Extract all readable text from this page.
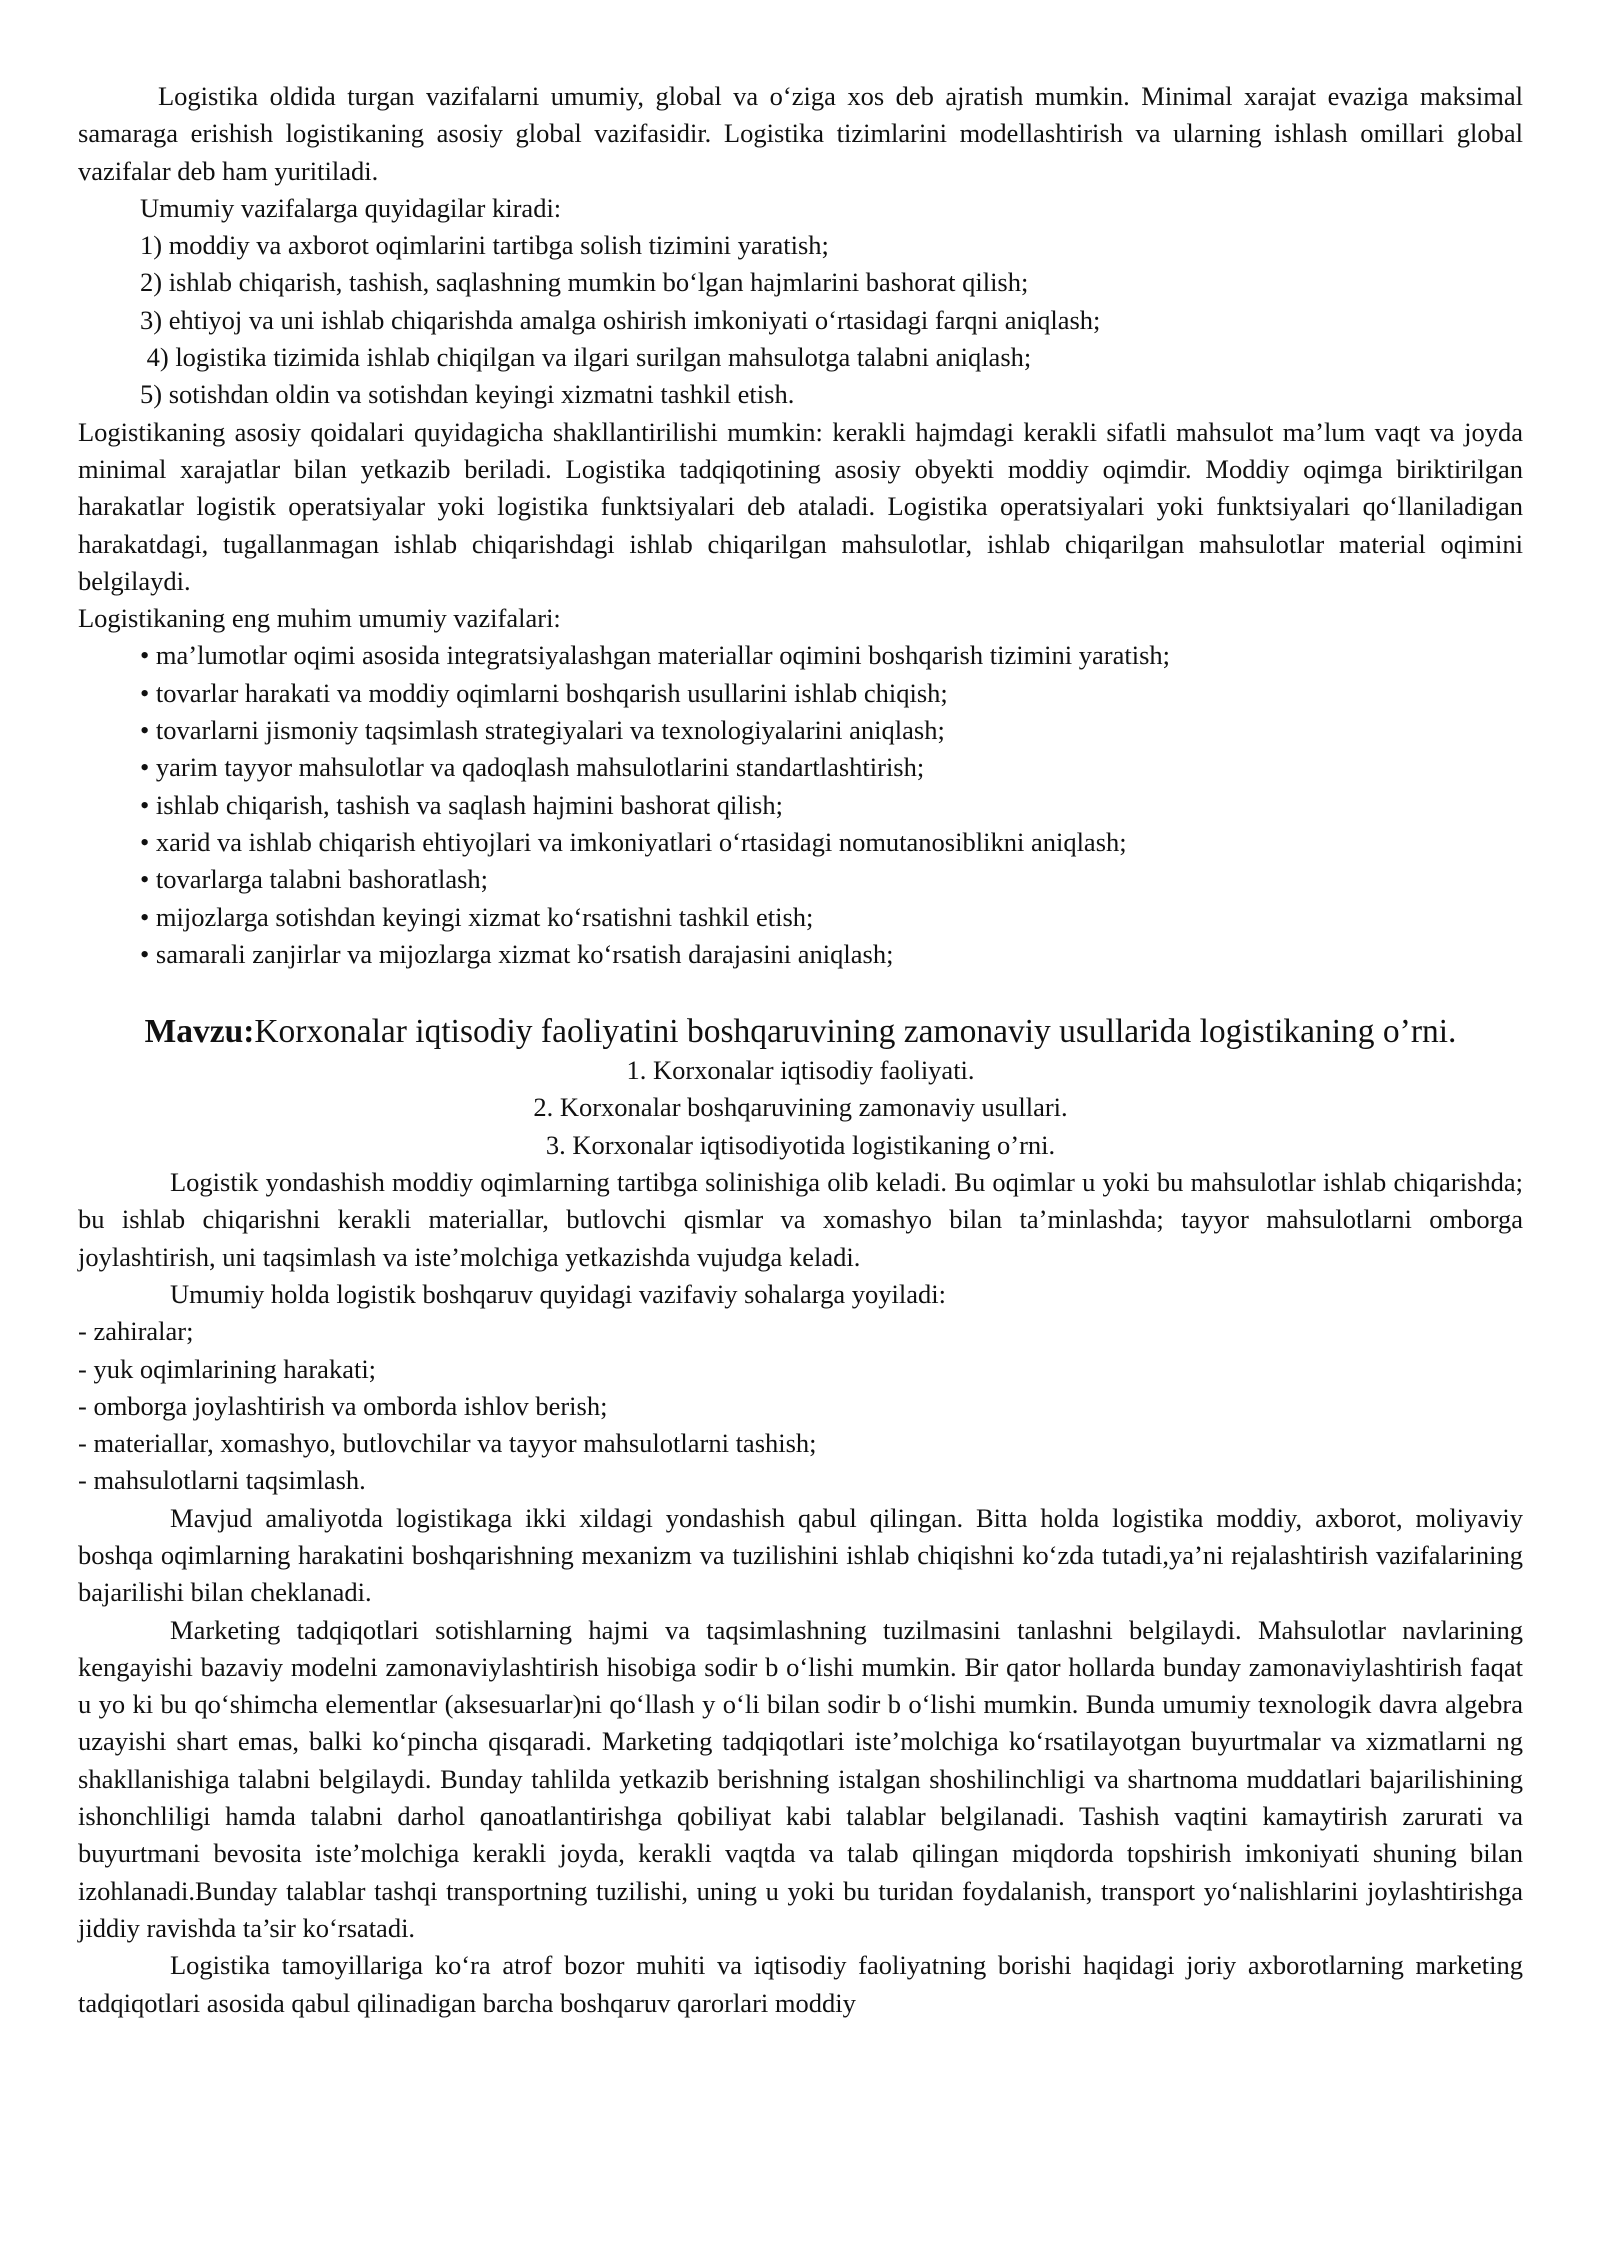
Logistika oldida turgan vazifalarni umumiy, global va o‘ziga xos deb ajratish mumkin. Minimal xarajat evaziga maksimal samaraga erishish logistikaning asosiy global vazifasidir. Logistika tizimlarini modellashtirish va ularning ishlash omillari global vazifalar deb ham yuritiladi.

Umumiy vazifalarga quyidagilar kiradi:

1) moddiy va axborot oqimlarini tartibga solish tizimini yaratish;

2) ishlab chiqarish, tashish, saqlashning mumkin bo‘lgan hajmlarini bashorat qilish;

3) ehtiyoj va uni ishlab chiqarishda amalga oshirish imkoniyati o‘rtasidagi farqni aniqlash;

4) logistika tizimida ishlab chiqilgan va ilgari surilgan mahsulotga talabni aniqlash;

5) sotishdan oldin va sotishdan keyingi xizmatni tashkil etish.

Logistikaning asosiy qoidalari quyidagicha shakllantirilishi mumkin: kerakli hajmdagi kerakli sifatli mahsulot ma’lum vaqt va joyda minimal xarajatlar bilan yetkazib beriladi. Logistika tadqiqotining asosiy obyekti moddiy oqimdir. Moddiy oqimga biriktirilgan harakatlar logistik operatsiyalar yoki logistika funktsiyalari deb ataladi. Logistika operatsiyalari yoki funktsiyalari qo‘llaniladigan harakatdagi, tugallanmagan ishlab chiqarishdagi ishlab chiqarilgan mahsulotlar, ishlab chiqarilgan mahsulotlar material oqimini belgilaydi.

Logistikaning eng muhim umumiy vazifalari:

• ma’lumotlar oqimi asosida integratsiyalashgan materiallar oqimini boshqarish tizimini yaratish;

• tovarlar harakati va moddiy oqimlarni boshqarish usullarini ishlab chiqish;

• tovarlarni jismoniy taqsimlash strategiyalari va texnologiyalarini aniqlash;

• yarim tayyor mahsulotlar va qadoqlash mahsulotlarini standartlashtirish;

• ishlab chiqarish, tashish va saqlash hajmini bashorat qilish;

• xarid va ishlab chiqarish ehtiyojlari va imkoniyatlari o‘rtasidagi nomutanosiblikni aniqlash;

• tovarlarga talabni bashoratlash;

• mijozlarga sotishdan keyingi xizmat ko‘rsatishni tashkil etish;

• samarali zanjirlar va mijozlarga xizmat ko‘rsatish darajasini aniqlash;

Mavzu:Korxonalar iqtisodiy faoliyatini boshqaruvining zamonaviy usullarida logistikaning o’rni.

1. Korxonalar iqtisodiy faoliyati.

2. Korxonalar boshqaruvining zamonaviy usullari.

3. Korxonalar iqtisodiyotida logistikaning o’rni.

Logistik yondashish moddiy oqimlarning tartibga solinishiga olib keladi. Bu oqimlar u yoki bu mahsulotlar ishlab chiqarishda; bu ishlab chiqarishni kerakli materiallar, butlovchi qismlar va xomashyo bilan ta’minlashda; tayyor mahsulotlarni omborga joylashtirish, uni taqsimlash va iste’molchiga yetkazishda vujudga keladi.

Umumiy holda logistik boshqaruv quyidagi vazifaviy sohalarga yoyiladi:

- zahiralar;

- yuk oqimlarining harakati;

- omborga joylashtirish va omborda ishlov berish;

- materiallar, xomashyo, butlovchilar va tayyor mahsulotlarni tashish;

- mahsulotlarni taqsimlash.

Mavjud amaliyotda logistikaga ikki xildagi yondashish qabul qilingan. Bitta holda logistika moddiy, axborot, moliyaviy boshqa oqimlarning harakatini boshqarishning mexanizm va tuzilishini ishlab chiqishni ko‘zda tutadi,ya’ni rejalashtirish vazifalarining bajarilishi bilan cheklanadi.

Marketing tadqiqotlari sotishlarning hajmi va taqsimlashning tuzilmasini tanlashni belgilaydi. Mahsulotlar navlarining kengayishi bazaviy modelni zamonaviylashtirish hisobiga sodir b o‘lishi mumkin. Bir qator hollarda bunday zamonaviylashtirish faqat u yo ki bu qo‘shimcha elementlar (aksesuarlar)ni qo‘llash y o‘li bilan sodir b o‘lishi mumkin. Bunda umumiy texnologik davra algebra uzayishi shart emas, balki ko‘pincha qisqaradi. Marketing tadqiqotlari iste’molchiga ko‘rsatilayotgan buyurtmalar va xizmatlarni ng shakllanishiga talabni belgilaydi. Bunday tahlilda yetkazib berishning istalgan shoshilinchligi va shartnoma muddatlari bajarilishining ishonchliligi hamda talabni darhol qanoatlantirishga qobiliyat kabi talablar belgilanadi. Tashish vaqtini kamaytirish zarurati va buyurtmani bevosita iste’molchiga kerakli joyda, kerakli vaqtda va talab qilingan miqdorda topshirish imkoniyati shuning bilan izohlanadi.Bunday talablar tashqi transportning tuzilishi, uning u yoki bu turidan foydalanish, transport yo‘nalishlarini joylashtirishga jiddiy ravishda ta’sir ko‘rsatadi.

Logistika tamoyillariga ko‘ra atrof bozor muhiti va iqtisodiy faoliyatning borishi haqidagi joriy axborotlarning marketing tadqiqotlari asosida qabul qilinadigan barcha boshqaruv qarorlari moddiy
